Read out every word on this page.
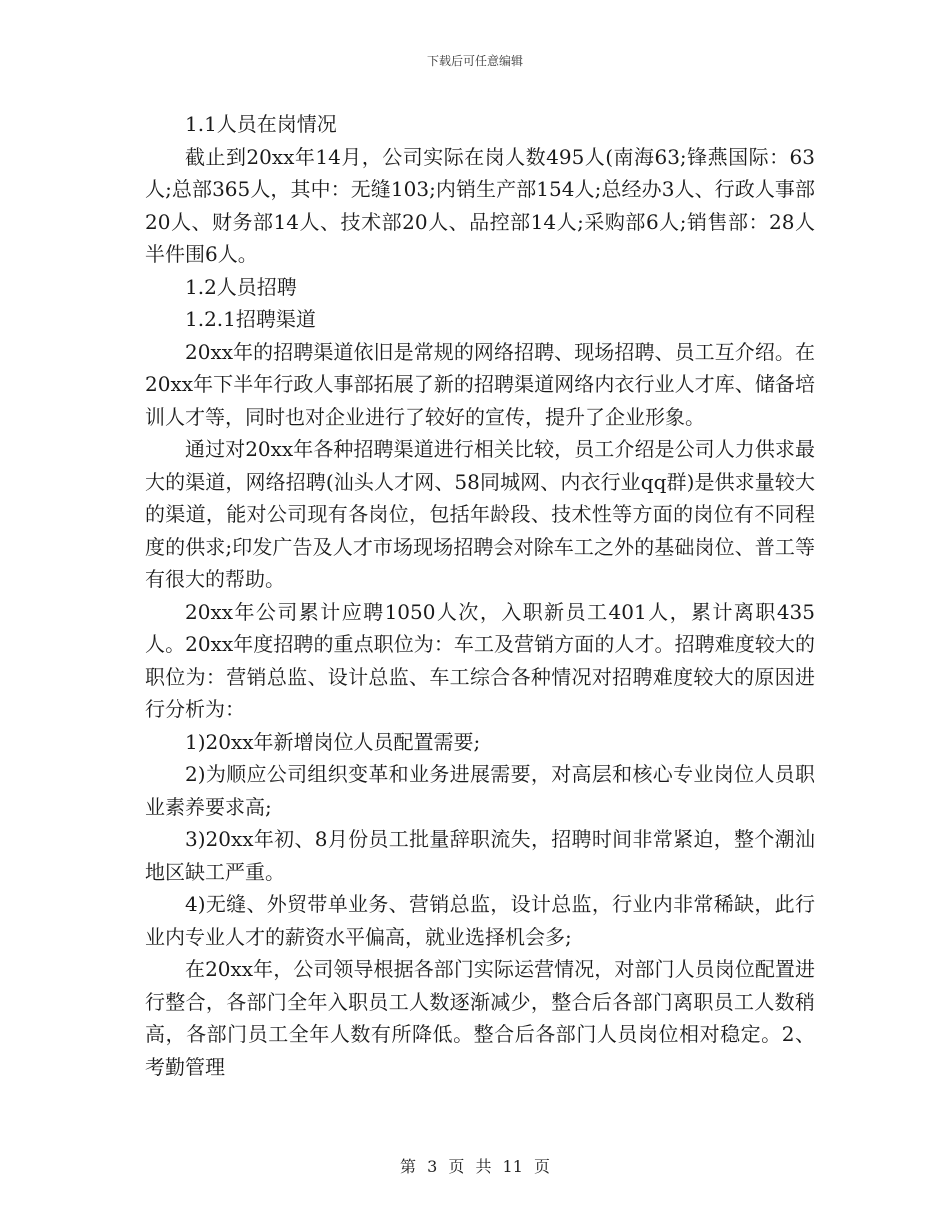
下载后可任意编辑

1.1人员在岗情况

截止到20xx年14月，公司实际在岗人数495人(南海63;锋燕国际：63人;总部365人，其中：无缝103;内销生产部154人;总经办3人、行政人事部20人、财务部14人、技术部20人、品控部14人;采购部6人;销售部：28人半件围6人。

1.2人员招聘

1.2.1招聘渠道

20xx年的招聘渠道依旧是常规的网络招聘、现场招聘、员工互介绍。在20xx年下半年行政人事部拓展了新的招聘渠道网络内衣行业人才库、储备培训人才等，同时也对企业进行了较好的宣传，提升了企业形象。

通过对20xx年各种招聘渠道进行相关比较，员工介绍是公司人力供求最大的渠道，网络招聘(汕头人才网、58同城网、内衣行业qq群)是供求量较大的渠道，能对公司现有各岗位，包括年龄段、技术性等方面的岗位有不同程度的供求;印发广告及人才市场现场招聘会对除车工之外的基础岗位、普工等有很大的帮助。

20xx年公司累计应聘1050人次，入职新员工401人，累计离职435人。20xx年度招聘的重点职位为：车工及营销方面的人才。招聘难度较大的职位为：营销总监、设计总监、车工综合各种情况对招聘难度较大的原因进行分析为：

1)20xx年新增岗位人员配置需要;

2)为顺应公司组织变革和业务进展需要，对高层和核心专业岗位人员职业素养要求高;

3)20xx年初、8月份员工批量辞职流失，招聘时间非常紧迫，整个潮汕地区缺工严重。

4)无缝、外贸带单业务、营销总监，设计总监，行业内非常稀缺，此行业内专业人才的薪资水平偏高，就业选择机会多;

在20xx年，公司领导根据各部门实际运营情况，对部门人员岗位配置进行整合，各部门全年入职员工人数逐渐减少，整合后各部门离职员工人数稍高，各部门员工全年人数有所降低。整合后各部门人员岗位相对稳定。2、考勤管理

第 3 页 共 11 页
